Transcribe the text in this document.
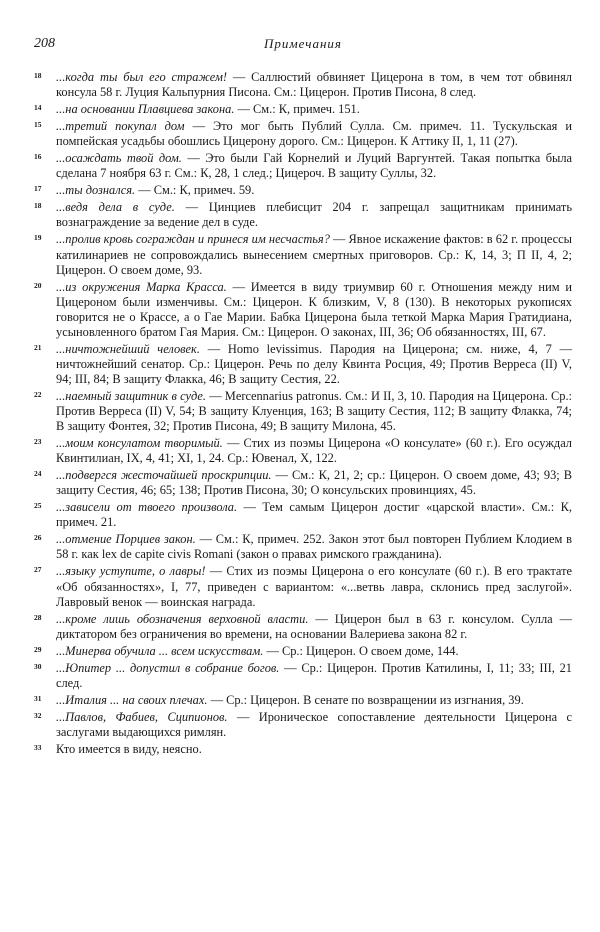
208	Примечания

18 ...когда ты был его стражем! — Саллюстий обвиняет Цицерона в том, в чем тот обвинял консула 58 г. Луция Кальпурния Писона. См.: Цицерон. Против Писона, 8 след.

14 ...на основании Плавциева закона. — См.: К, примеч. 151.

15 ...третий покупал дом — Это мог быть Публий Сулла. См. примеч. 11. Тускульская и помпейская усадьбы обошлись Цицерону дорого. См.: Цицерон. К Аттику II, 1, 11 (27).

16 ...осаждать твой дом. — Это были Гай Корнелий и Луций Варгунтей. Такая попытка была сделана 7 ноября 63 г. См.: К, 28, 1 след.; Цицероч. В защиту Суллы, 32.

17 ...ты дознался. — См.: К, примеч. 59.

18 ...ведя дела в суде. — Цинциев плебисцит 204 г. запрещал защитникам принимать вознаграждение за ведение дел в суде.

19 ...пролив кровь сограждан и принеся им несчастья? — Явное искажение фактов: в 62 г. процессы катилинариев не сопровождались вынесением смертных приговоров. Ср.: К, 14, 3; П II, 4, 2; Цицерон. О своем доме, 93.

20 ...из окружения Марка Красса. — Имеется в виду триумвир 60 г. Отношения между ним и Цицероном были изменчивы. См.: Цицерон. К близким, V, 8 (130). В некоторых рукописях говорится не о Крассе, а о Гае Марии. Бабка Цицерона была теткой Марка Мария Гратидиана, усыновленного братом Гая Мария. См.: Цицерон. О законах, III, 36; Об обязанностях, III, 67.

21 ...ничтожнейший человек. — Homo levissimus. Пародия на Цицерона; см. ниже, 4, 7 — ничтожнейший сенатор. Ср.: Цицерон. Речь по делу Квинта Росция, 49; Против Верреса (II) V, 94; III, 84; В защиту Флакка, 46; В защиту Сестия, 22.

22 ...наемный защитник в суде. — Mercennarius patronus. См.: И II, 3, 10. Пародия на Цицерона. Ср.: Против Верреса (II) V, 54; В защиту Клуенция, 163; В защиту Сестия, 112; В защиту Флакка, 74; В защиту Фонтея, 32; Против Писона, 49; В защиту Милона, 45.

23 ...моим консулатом творимый. — Стих из поэмы Цицерона «О консулате» (60 г.). Его осуждал Квинтилиан, IX, 4, 41; XI, 1, 24. Ср.: Ювенал, X, 122.

24 ...подвергся жесточайшей проскрипции. — См.: К, 21, 2; ср.: Цицерон. О своем доме, 43; 93; В защиту Сестия, 46; 65; 138; Против Писона, 30; О консульских провинциях, 45.

25 ...зависели от твоего произвола. — Тем самым Цицерон достиг «царской власти». См.: К, примеч. 21.

26 ...отмение Порциев закон. — См.: К, примеч. 252. Закон этот был повторен Публием Клодием в 58 г. как lex de capite civis Romani (закон о правах римского гражданина).

27 ...языку уступите, о лавры! — Стих из поэмы Цицерона о его консулате (60 г.). В его трактате «Об обязанностях», I, 77, приведен с вариантом: «...ветвь лавра, склонись пред заслугой». Лавровый венок — воинская награда.

28 ...кроме лишь обозначения верховной власти. — Цицерон был в 63 г. консулом. Сулла — диктатором без ограничения во времени, на основании Валериева закона 82 г.

29 ...Минерва обучила ... всем искусствам. — Ср.: Цицерон. О своем доме, 144.

30 ...Юпитер ... допустил в собрание богов. — Ср.: Цицерон. Против Катилины, I, 11; 33; III, 21 след.

31 ...Италия ... на своих плечах. — Ср.: Цицерон. В сенате по возвращении из изгнания, 39.

32 ...Павлов, Фабиев, Сципионов. — Ироническое сопоставление деятельности Цицерона с заслугами выдающихся римлян.

33 Кто имеется в виду, неясно.
